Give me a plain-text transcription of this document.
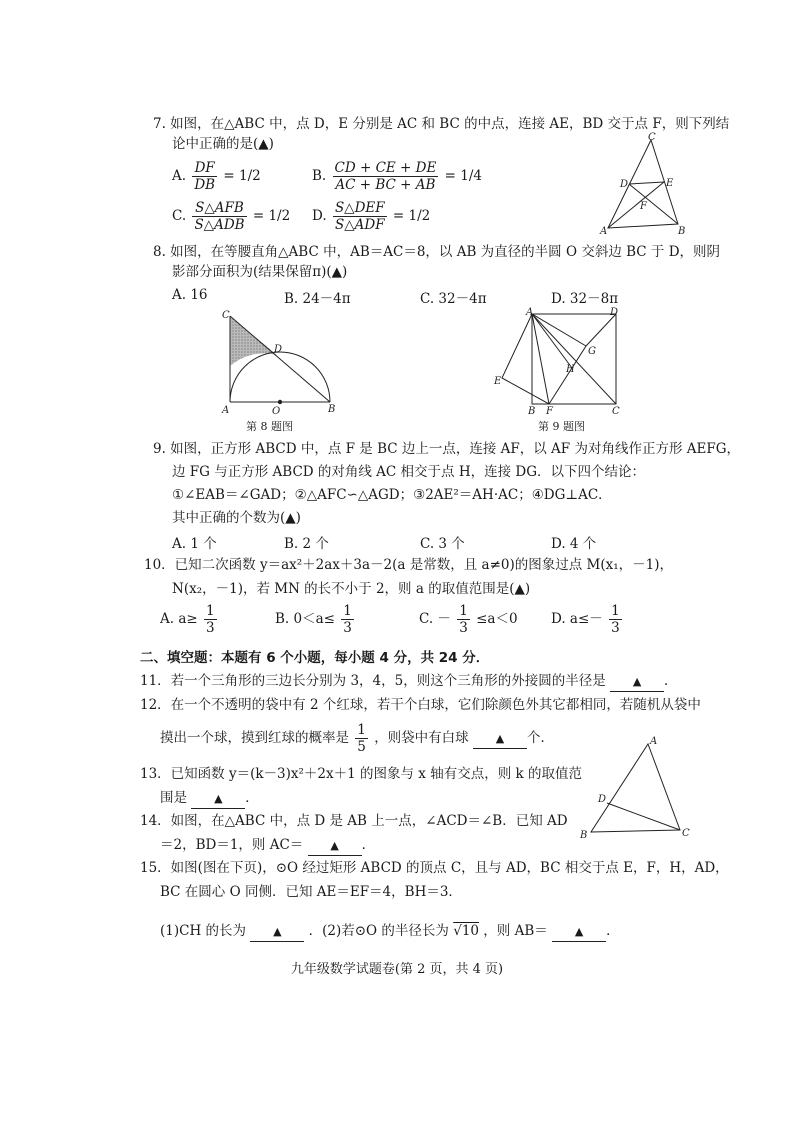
7. 如图，在△ABC 中，点 D，E 分别是 AC 和 BC 的中点，连接 AE，BD 交于点 F，则下列结
论中正确的是(▲)
A. $\frac{DF}{DB} = 1/2$	B. $\frac{CD + CE + DE}{AC + BC + AB} = 1/4$
C. $\frac{\text{S△AFB}}{\text{S△ADB}} = 1/2$ D. $\frac{\text{S△DEF}}{\text{S△ADF}} = 1/2$
C
D	E
F
A	B
8. 如图，在等腰直角△ABC 中，AB＝AC＝8，以 AB 为直径的半圆 O 交斜边 BC 于 D，则阴
影部分面积为(结果保留π)(▲)
A. 16	B. 24－4π	C. 32－4π	D. 32－8π
C
D
A	O	B
第 8 题图
A	D
G
H
E
B F	C
第 9 题图
9. 如图，正方形 ABCD 中，点 F 是 BC 边上一点，连接 AF，以 AF 为对角线作正方形 AEFG，
边 FG 与正方形 ABCD 的对角线 AC 相交于点 H，连接 DG．以下四个结论：
①∠EAB＝∠GAD；②△AFC∽△AGD；③2AE²＝AH·AC；④DG⊥AC．
其中正确的个数为(▲)
A. 1 个	B. 2 个	C. 3 个	D. 4 个
10．已知二次函数 y＝ax²＋2ax＋3a－2(a 是常数，且 a≠0)的图象过点 M(x₁，－1)，
N(x₂，－1)，若 MN 的长不小于 2，则 a 的取值范围是(▲)
A. $a\ge \frac{1}{3}$	B. $0<a\le \frac{1}{3}$	C. － $\frac{1}{3} \le a<0$ D. $a\le- \frac{1}{3}$
二、填空题：本题有 6 个小题，每小题 4 分，共 24 分．
11．若一个三角形的三边长分别为 3，4，5，则这个三角形的外接圆的半径是 ▲ ．
12．在一个不透明的袋中有 2 个红球，若干个白球，它们除颜色外其它都相同，若随机从袋中
摸出一个球，摸到红球的概率是 $\frac{1}{5}$ ，则袋中有白球 ▲ 个．
13．已知函数 y＝(k－3)x²＋2x＋1 的图象与 x 轴有交点，则 k 的取值范
围是 ▲ ．
14．如图，在△ABC 中，点 D 是 AB 上一点，∠ACD＝∠B．已知 AD
＝2，BD＝1，则 AC＝ ▲ ．
A
D
B	C
15．如图(图在下页)，⊙O 经过矩形 ABCD 的顶点 C，且与 AD，BC 相交于点 E，F，H，AD，
BC 在圆心 O 同侧．已知 AE＝EF＝4，BH＝3．
(1)CH 的长为 ▲ ．(2)若⊙O 的半径长为 √10 ，则 AB＝ ▲ ．
九年级数学试题卷(第 2 页，共 4 页)
